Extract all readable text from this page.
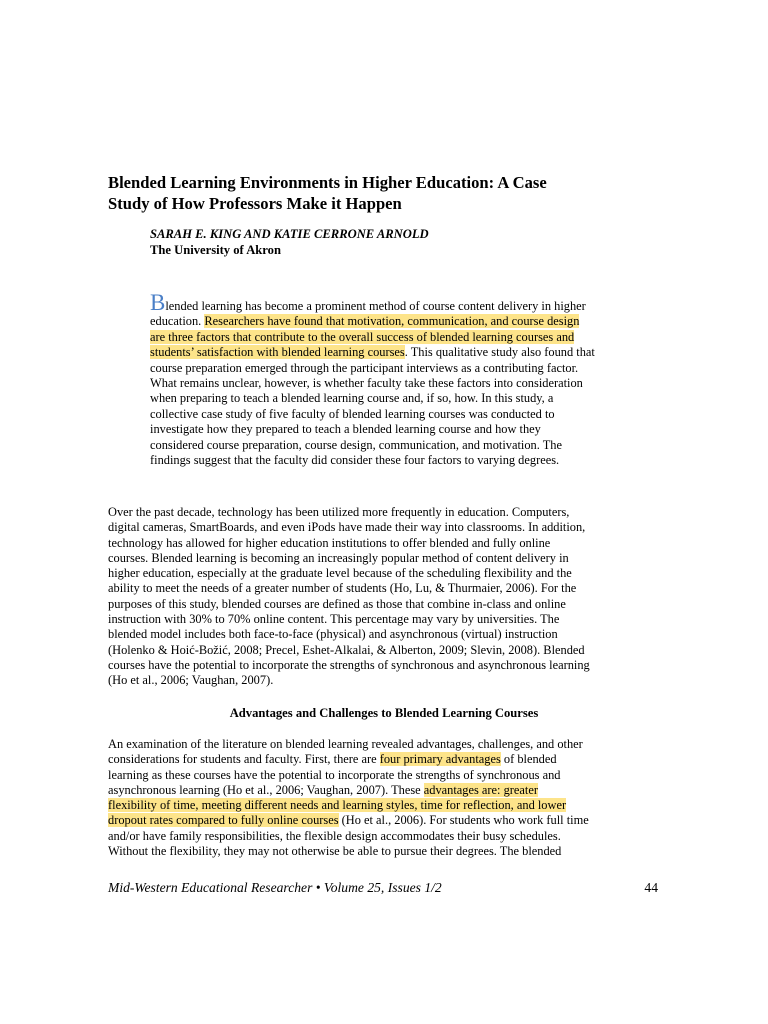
Blended Learning Environments in Higher Education: A Case
Study of How Professors Make it Happen
SARAH E. KING AND KATIE CERRONE ARNOLD
The University of Akron

Blended learning has become a prominent method of course content delivery in higher
education. Researchers have found that motivation, communication, and course design
are three factors that contribute to the overall success of blended learning courses and
students’ satisfaction with blended learning courses. This qualitative study also found that
course preparation emerged through the participant interviews as a contributing factor.
What remains unclear, however, is whether faculty take these factors into consideration
when preparing to teach a blended learning course and, if so, how. In this study, a
collective case study of five faculty of blended learning courses was conducted to
investigate how they prepared to teach a blended learning course and how they
considered course preparation, course design, communication, and motivation. The
findings suggest that the faculty did consider these four factors to varying degrees.

Over the past decade, technology has been utilized more frequently in education. Computers,
digital cameras, SmartBoards, and even iPods have made their way into classrooms. In addition,
technology has allowed for higher education institutions to offer blended and fully online
courses. Blended learning is becoming an increasingly popular method of content delivery in
higher education, especially at the graduate level because of the scheduling flexibility and the
ability to meet the needs of a greater number of students (Ho, Lu, & Thurmaier, 2006). For the
purposes of this study, blended courses are defined as those that combine in-class and online
instruction with 30% to 70% online content. This percentage may vary by universities. The
blended model includes both face-to-face (physical) and asynchronous (virtual) instruction
(Holenko & Hoić-Božić, 2008; Precel, Eshet-Alkalai, & Alberton, 2009; Slevin, 2008). Blended
courses have the potential to incorporate the strengths of synchronous and asynchronous learning
(Ho et al., 2006; Vaughan, 2007).

Advantages and Challenges to Blended Learning Courses

An examination of the literature on blended learning revealed advantages, challenges, and other
considerations for students and faculty. First, there are four primary advantages of blended
learning as these courses have the potential to incorporate the strengths of synchronous and
asynchronous learning (Ho et al., 2006; Vaughan, 2007). These advantages are: greater
flexibility of time, meeting different needs and learning styles, time for reflection, and lower
dropout rates compared to fully online courses (Ho et al., 2006). For students who work full time
and/or have family responsibilities, the flexible design accommodates their busy schedules.
Without the flexibility, they may not otherwise be able to pursue their degrees. The blended

Mid-Western Educational Researcher • Volume 25, Issues 1/2	44
